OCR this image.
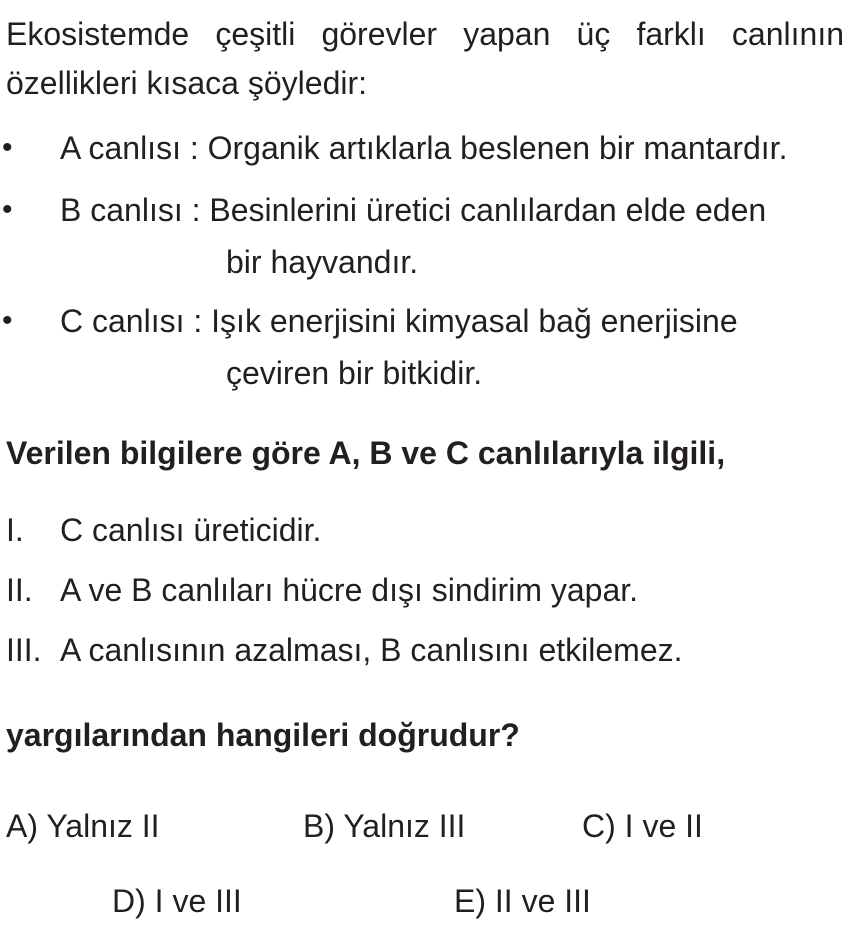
Ekosistemde çeşitli görevler yapan üç farklı canlının özellikleri kısaca şöyledir:
•	A canlısı : Organik artıklarla beslenen bir mantardır.
•	B canlısı : Besinlerini üretici canlılardan elde eden
bir hayvandır.
•	C canlısı : Işık enerjisini kimyasal bağ enerjisine
çeviren bir bitkidir.
Verilen bilgilere göre A, B ve C canlılarıyla ilgili,
I. C canlısı üreticidir.
II. A ve B canlıları hücre dışı sindirim yapar.
III. A canlısının azalması, B canlısını etkilemez.
yargılarından hangileri doğrudur?
A) Yalnız II	B) Yalnız III	C) I ve II
D) I ve III	E) II ve III
